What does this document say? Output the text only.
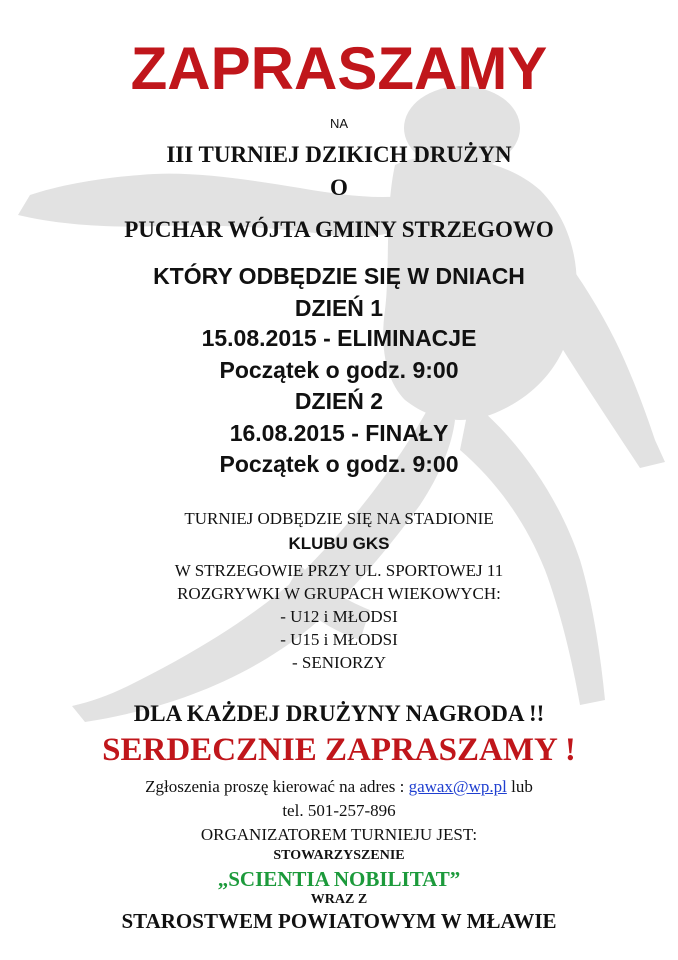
ZAPRASZAMY
NA
III TURNIEJ DZIKICH DRUŻYN
O
PUCHAR WÓJTA GMINY STRZEGOWO
KTÓRY ODBĘDZIE SIĘ W DNIACH
DZIEŃ 1
15.08.2015 - ELIMINACJE
Początek o godz. 9:00
DZIEŃ 2
16.08.2015 - FINAŁY
Początek o godz. 9:00
TURNIEJ ODBĘDZIE SIĘ NA STADIONIE
KLUBU GKS
W STRZEGOWIE PRZY UL. SPORTOWEJ 11
ROZGRYWKI W GRUPACH WIEKOWYCH:
- U12 i MŁODSI
- U15 i MŁODSI
- SENIORZY
DLA KAŻDEJ DRUŻYNY NAGRODA !!
SERDECZNIE ZAPRASZAMY !
Zgłoszenia proszę kierować na adres : gawax@wp.pl lub
tel. 501-257-896
ORGANIZATOREM TURNIEJU JEST:
STOWARZYSZENIE
„SCIENTIA NOBILITAT”
WRAZ Z
STAROSTWEM POWIATOWYM W MŁAWIE
